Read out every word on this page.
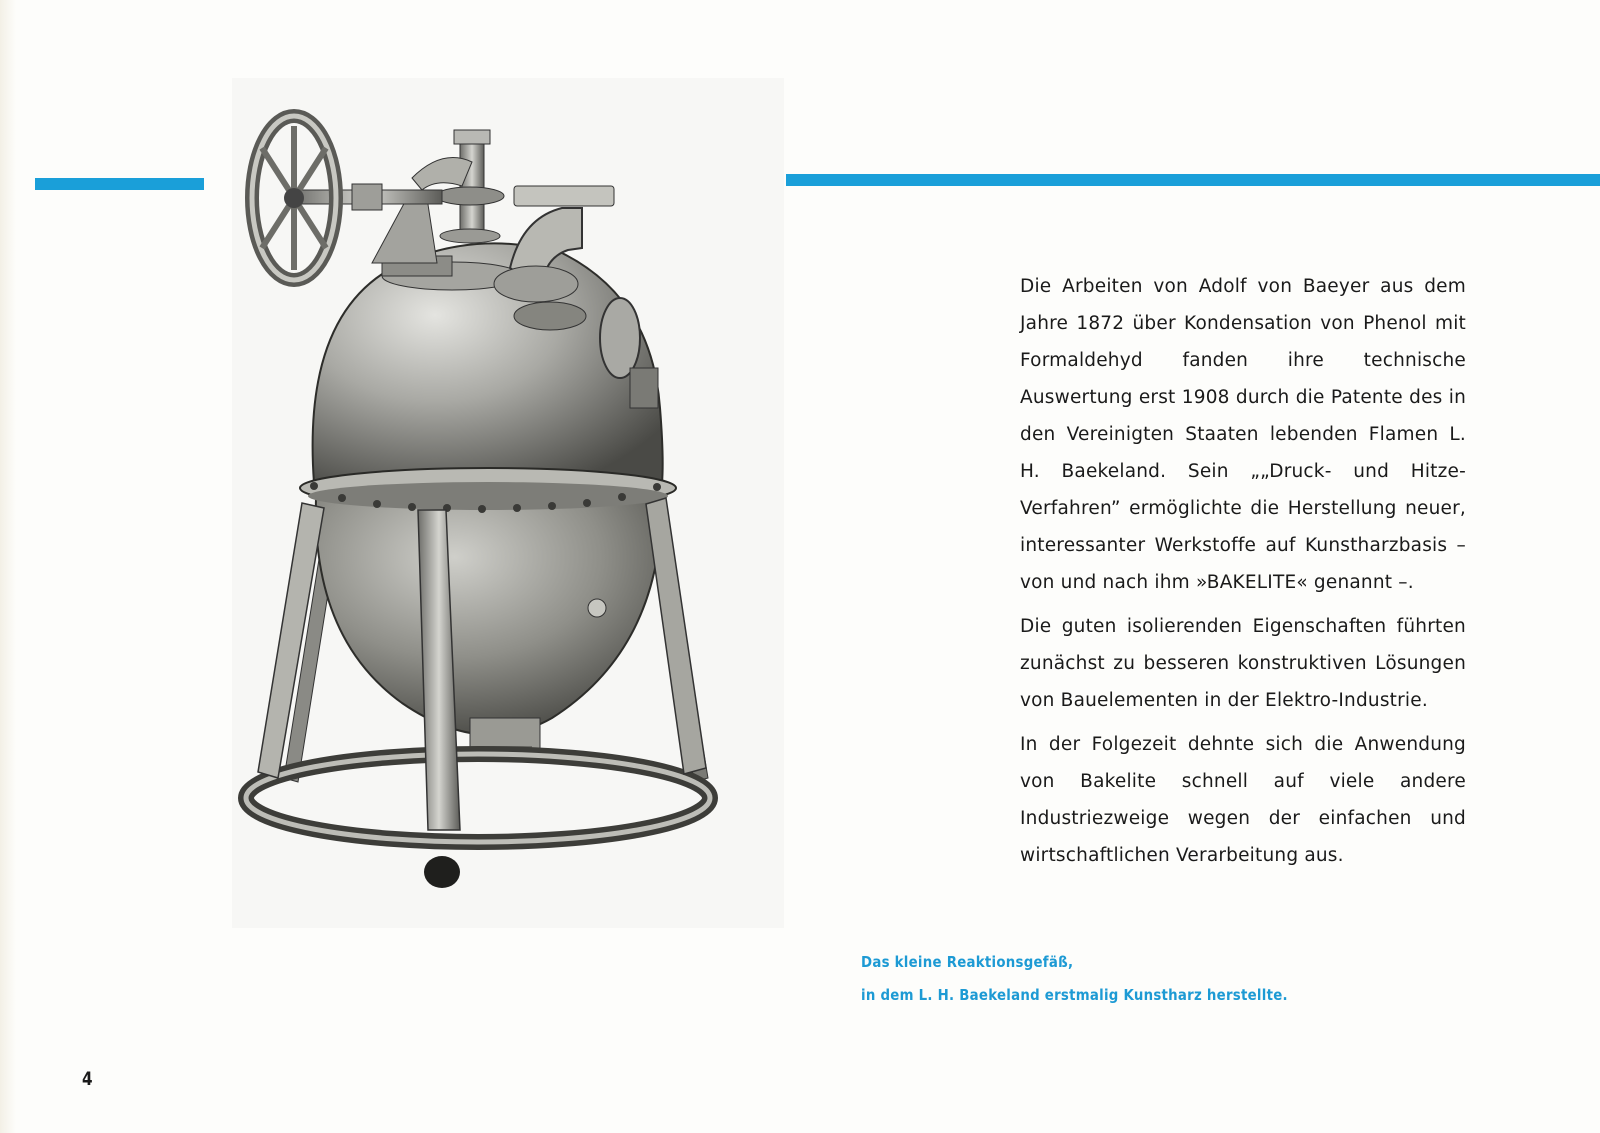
Die Arbeiten von Adolf von Baeyer aus dem Jahre 1872 über Kondensation von Phenol mit Formaldehyd fanden ihre technische Auswertung erst 1908 durch die Patente des in den Vereinigten Staaten lebenden Flamen L. H. Baekeland. Sein „„Druck- und Hitze-Verfahren” ermöglichte die Herstellung neuer, interessanter Werkstoffe auf Kunstharzbasis – von und nach ihm »BAKELITE« genannt –.

Die guten isolierenden Eigenschaften führten zunächst zu besseren konstruktiven Lösungen von Bauelementen in der Elektro-Industrie.

In der Folgezeit dehnte sich die Anwendung von Bakelite schnell auf viele andere Industriezweige wegen der einfachen und wirtschaftlichen Verarbeitung aus.

Das kleine Reaktionsgefäß,
in dem L. H. Baekeland erstmalig Kunstharz herstellte.
4
